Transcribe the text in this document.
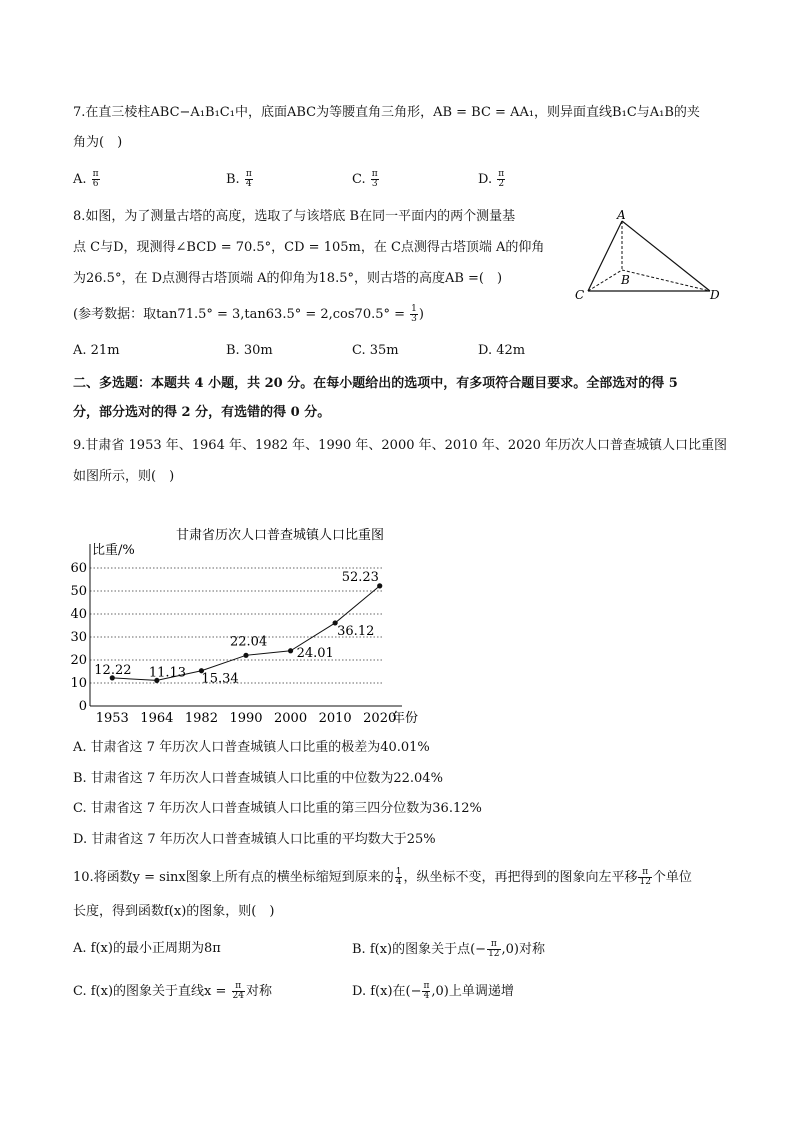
7.在直三棱柱ABC−A₁B₁C₁中，底面ABC为等腰直角三角形，AB = BC = AA₁，则异面直线B₁C与A₁B的夹
角为(　)
A. $\frac{\pi}{6}$	B. $\frac{\pi}{4}$	C. $\frac{\pi}{3}$	D. $\frac{\pi}{2}$
8.如图，为了测量古塔的高度，选取了与该塔底 B在同一平面内的两个测量基
点 C与D，现测得∠BCD = 70.5°，CD = 105m，在 C点测得古塔顶端 A的仰角
为26.5°，在 D点测得古塔顶端 A的仰角为18.5°，则古塔的高度AB =(　)
(参考数据：取$\tan 71.5^\circ = 3,\tan 63.5^\circ = 2,\cos 70.5^\circ = \frac{1}{3}$ )
A
B
C	D
A. 21m	B. 30m	C. 35m	D. 42m
二、多选题：本题共 4 小题，共 20 分。在每小题给出的选项中，有多项符合题目要求。全部选对的得 5
分，部分选对的得 2 分，有选错的得 0 分。
9.甘肃省 1953 年、1964 年、1982 年、1990 年、2000 年、2010 年、2020 年历次人口普查城镇人口比重图
如图所示，则(　)
甘肃省历次人口普查城镇人口比重图
比重/%
年份
0
10
20
30
40
50
60
1953 1964 1982 1990 2000 2010 2020
12.22 11.13 15.34
22.04
24.01
36.12
52.23
A. 甘肃省这 7 年历次人口普查城镇人口比重的极差为40.01%
B. 甘肃省这 7 年历次人口普查城镇人口比重的中位数为22.04%
C. 甘肃省这 7 年历次人口普查城镇人口比重的第三四分位数为36.12%
D. 甘肃省这 7 年历次人口普查城镇人口比重的平均数大于25%
10.将函数y = sinx图象上所有点的横坐标缩短到原来的 $\frac{1}{4}$ ，纵坐标不变，再把得到的图象向左平移 $\frac{\pi}{12}$ 个单位
长度，得到函数f(x)的图象，则(　)
A. f(x)的最小正周期为8π	B. f(x)的图象关于点(− $\frac{\pi}{12} ,0$)对称
C. f(x)的图象关于直线$x = \frac{\pi}{24}$ 对称	D. f(x)在(− $\frac{\pi}{4} ,0$)上单调递增
